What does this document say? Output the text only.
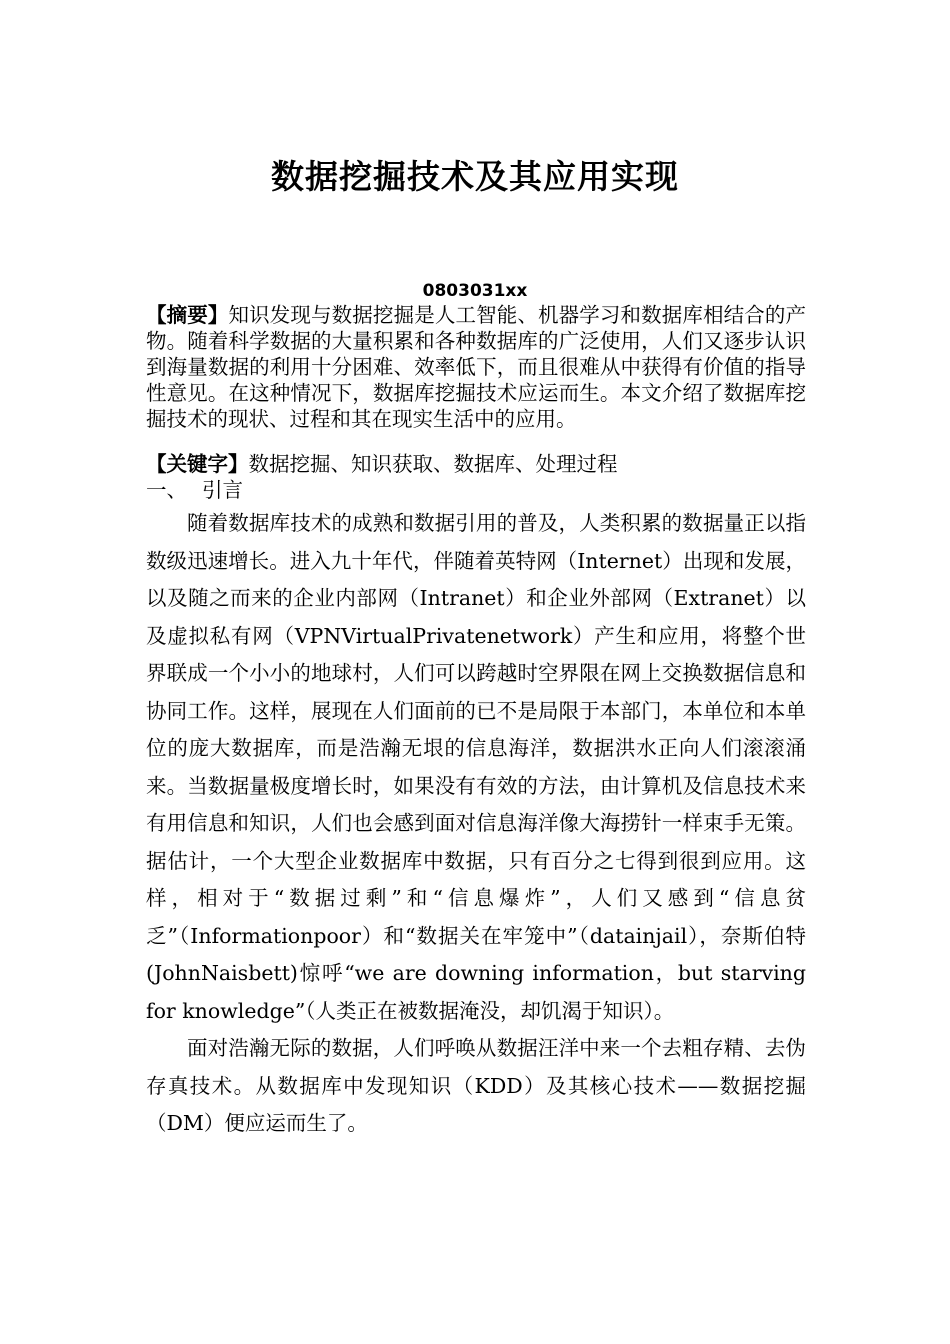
数据挖掘技术及其应用实现
0803031xx
【摘要】知识发现与数据挖掘是人工智能、机器学习和数据库相结合的产物。随着科学数据的大量积累和各种数据库的广泛使用，人们又逐步认识到海量数据的利用十分困难、效率低下，而且很难从中获得有价值的指导性意见。在这种情况下，数据库挖掘技术应运而生。本文介绍了数据库挖掘技术的现状、过程和其在现实生活中的应用。
【关键字】数据挖掘、知识获取、数据库、处理过程
一、 引言

随着数据库技术的成熟和数据引用的普及，人类积累的数据量正以指数级迅速增长。进入九十年代，伴随着英特网（Internet）出现和发展，以及随之而来的企业内部网（Intranet）和企业外部网（Extranet）以及虚拟私有网（VPNVirtualPrivatenetwork）产生和应用，将整个世界联成一个小小的地球村，人们可以跨越时空界限在网上交换数据信息和协同工作。这样，展现在人们面前的已不是局限于本部门，本单位和本单位的庞大数据库，而是浩瀚无垠的信息海洋，数据洪水正向人们滚滚涌来。当数据量极度增长时，如果没有有效的方法，由计算机及信息技术来有用信息和知识，人们也会感到面对信息海洋像大海捞针一样束手无策。据估计，一个大型企业数据库中数据，只有百分之七得到很到应用。这样，相对于“数据过剩”和“信息爆炸”，人们又感到“信息贫乏”（Informationpoor）和“数据关在牢笼中”（datainjail），奈斯伯特(JohnNaisbett)惊呼“we are downing information，but starving for knowledge”（人类正在被数据淹没，却饥渴于知识）。

面对浩瀚无际的数据，人们呼唤从数据汪洋中来一个去粗存精、去伪存真技术。从数据库中发现知识（KDD）及其核心技术——数据挖掘（DM）便应运而生了。
